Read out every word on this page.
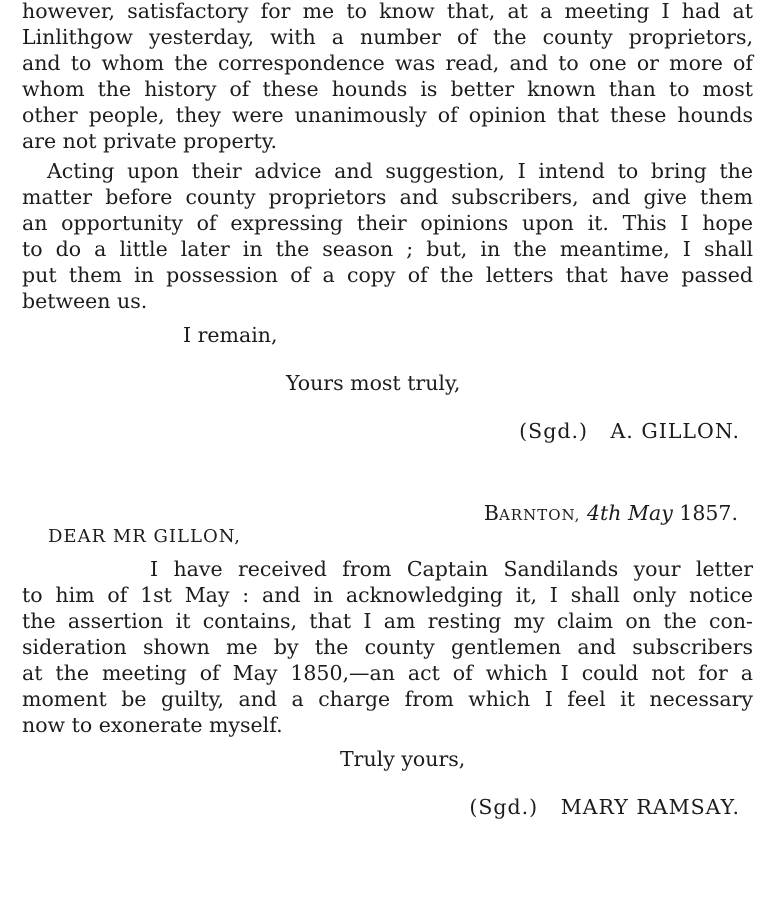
however, satisfactory for me to know that, at a meeting I had at
Linlithgow yesterday, with a number of the county proprietors,
and to whom the correspondence was read, and to one or more of
whom the history of these hounds is better known than to most
other people, they were unanimously of opinion that these hounds
are not private property.
Acting upon their advice and suggestion, I intend to bring the
matter before county proprietors and subscribers, and give them
an opportunity of expressing their opinions upon it. This I hope
to do a little later in the season ; but, in the meantime, I shall
put them in possession of a copy of the letters that have passed
between us.
I remain,
Yours most truly,
(Sgd.)   A. GILLON.
BARNTON, 4th May 1857.
DEAR MR GILLON,
I have received from Captain Sandilands your letter
to him of 1st May : and in acknowledging it, I shall only notice
the assertion it contains, that I am resting my claim on the con-
sideration shown me by the county gentlemen and subscribers
at the meeting of May 1850,—an act of which I could not for a
moment be guilty, and a charge from which I feel it necessary
now to exonerate myself.
Truly yours,
(Sgd.)   MARY RAMSAY.
